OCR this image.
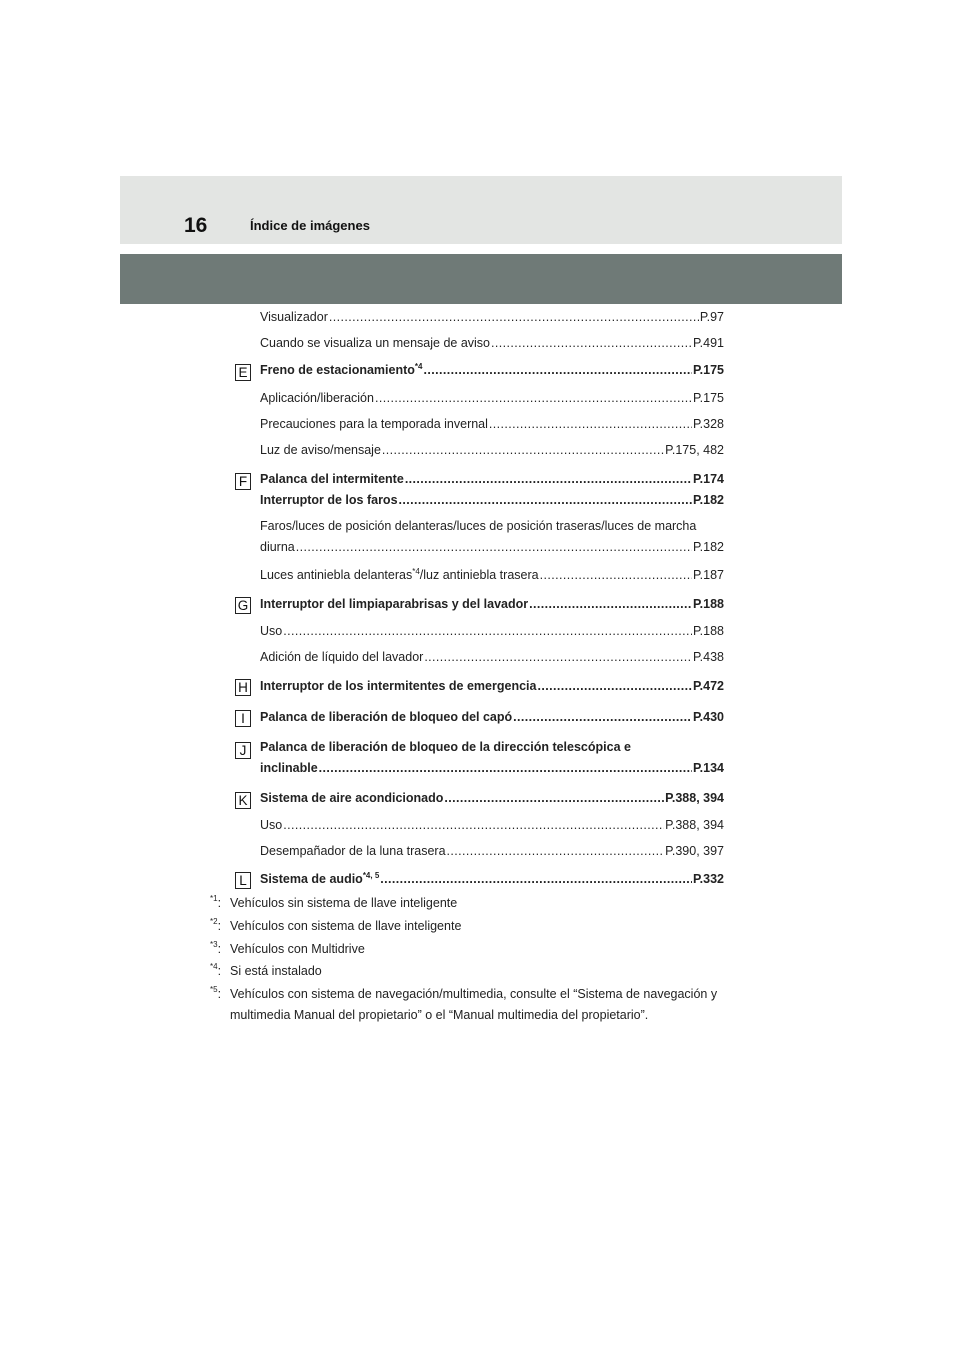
16	Índice de imágenes
Visualizador .....	P.97
Cuando se visualiza un mensaje de aviso .....	P.491
E Freno de estacionamiento$^{*4}$ .....	P.175
Aplicación/liberación .....	P.175
Precauciones para la temporada invernal .....	P.328
Luz de aviso/mensaje .....	P.175, 482
F	Palanca del intermitente .....	P.174
Interruptor de los faros .....	P.182
Faros/luces de posición delanteras/luces de posición traseras/luces de marcha
diurna .....	P.182
Luces antiniebla delanteras$^{*4}$/luz antiniebla trasera .....	P.187
G Interruptor del limpiaparabrisas y del lavador .....	P.188
Uso .....	P.188
Adición de líquido del lavador .....	P.438
H Interruptor de los intermitentes de emergencia .....	P.472
I	Palanca de liberación de bloqueo del capó .....	P.430
J	Palanca de liberación de bloqueo de la dirección telescópica e
inclinable .....	P.134
K Sistema de aire acondicionado .....	P.388, 394
Uso .....	P.388, 394
Desempañador de la luna trasera .....	P.390, 397
L	Sistema de audio$^{*4, 5}$ .....	P.332
$^{*1}$: Vehículos sin sistema de llave inteligente
$^{*2}$: Vehículos con sistema de llave inteligente
$^{*3}$: Vehículos con Multidrive
$^{*4}$: Si está instalado
$^{*5}$: Vehículos con sistema de navegación/multimedia, consulte el “Sistema de navegación y
multimedia Manual del propietario” o el “Manual multimedia del propietario”.
